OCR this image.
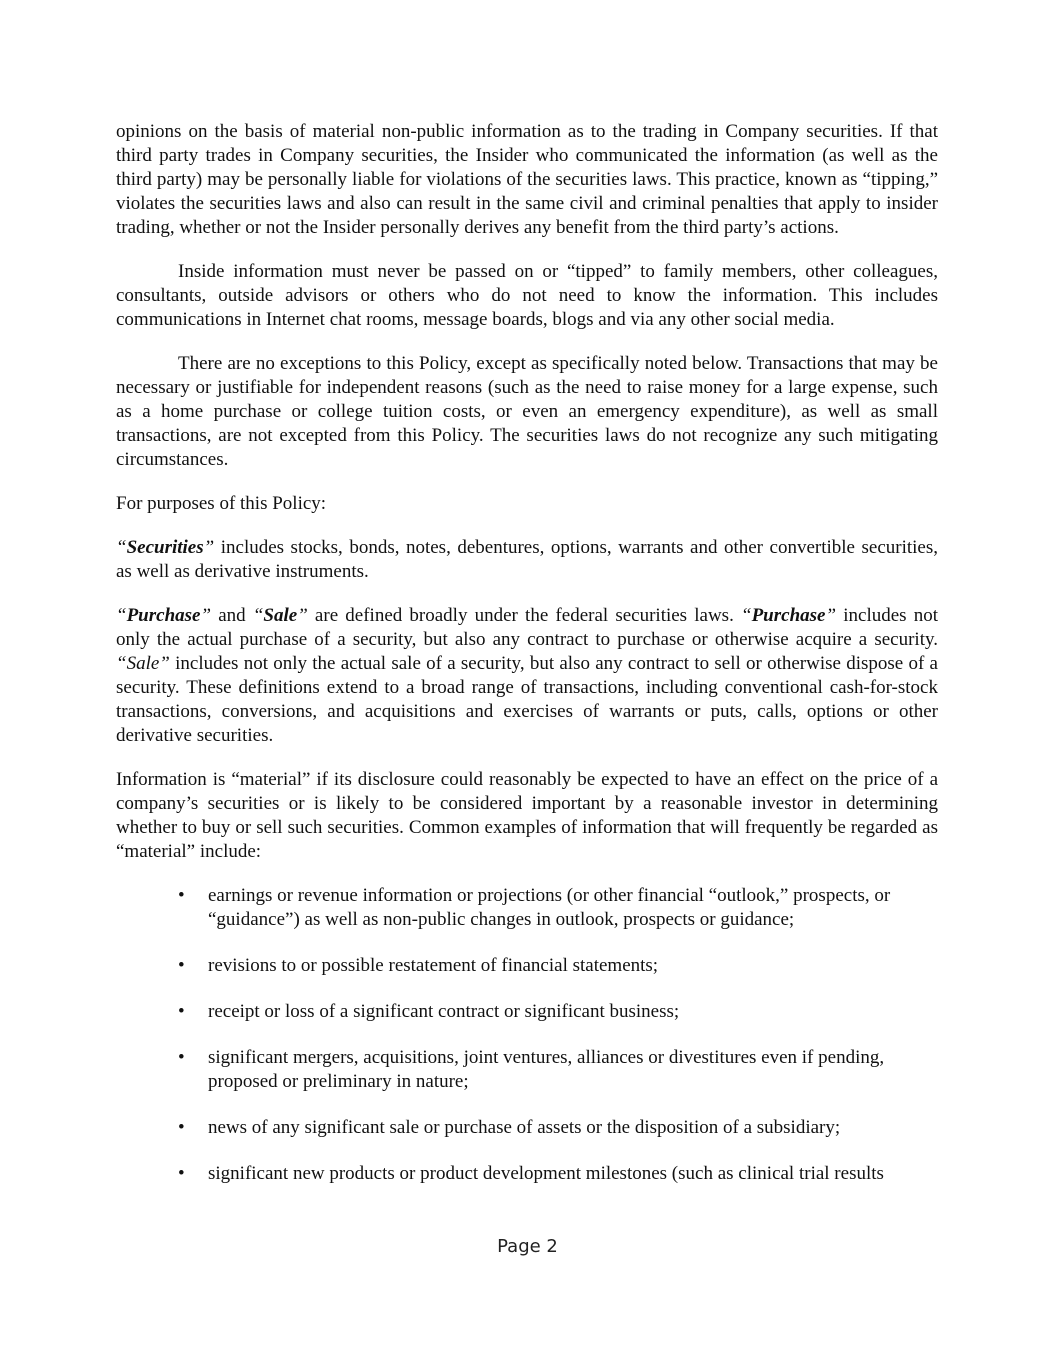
opinions on the basis of material non-public information as to the trading in Company securities. If that third party trades in Company securities, the Insider who communicated the information (as well as the third party) may be personally liable for violations of the securities laws. This practice, known as “tipping,” violates the securities laws and also can result in the same civil and criminal penalties that apply to insider trading, whether or not the Insider personally derives any benefit from the third party’s actions.

Inside information must never be passed on or “tipped” to family members, other colleagues, consultants, outside advisors or others who do not need to know the information. This includes communications in Internet chat rooms, message boards, blogs and via any other social media.

There are no exceptions to this Policy, except as specifically noted below. Transactions that may be necessary or justifiable for independent reasons (such as the need to raise money for a large expense, such as a home purchase or college tuition costs, or even an emergency expenditure), as well as small transactions, are not excepted from this Policy. The securities laws do not recognize any such mitigating circumstances.

For purposes of this Policy:

“Securities” includes stocks, bonds, notes, debentures, options, warrants and other convertible securities, as well as derivative instruments.

“Purchase” and “Sale” are defined broadly under the federal securities laws. “Purchase” includes not only the actual purchase of a security, but also any contract to purchase or otherwise acquire a security. “Sale” includes not only the actual sale of a security, but also any contract to sell or otherwise dispose of a security. These definitions extend to a broad range of transactions, including conventional cash-for-stock transactions, conversions, and acquisitions and exercises of warrants or puts, calls, options or other derivative securities.

Information is “material” if its disclosure could reasonably be expected to have an effect on the price of a company’s securities or is likely to be considered important by a reasonable investor in determining whether to buy or sell such securities. Common examples of information that will frequently be regarded as “material” include:

• earnings or revenue information or projections (or other financial “outlook,” prospects, or “guidance”) as well as non-public changes in outlook, prospects or guidance;
• revisions to or possible restatement of financial statements;
• receipt or loss of a significant contract or significant business;
• significant mergers, acquisitions, joint ventures, alliances or divestitures even if pending, proposed or preliminary in nature;
• news of any significant sale or purchase of assets or the disposition of a subsidiary;
• significant new products or product development milestones (such as clinical trial results
Page 2
